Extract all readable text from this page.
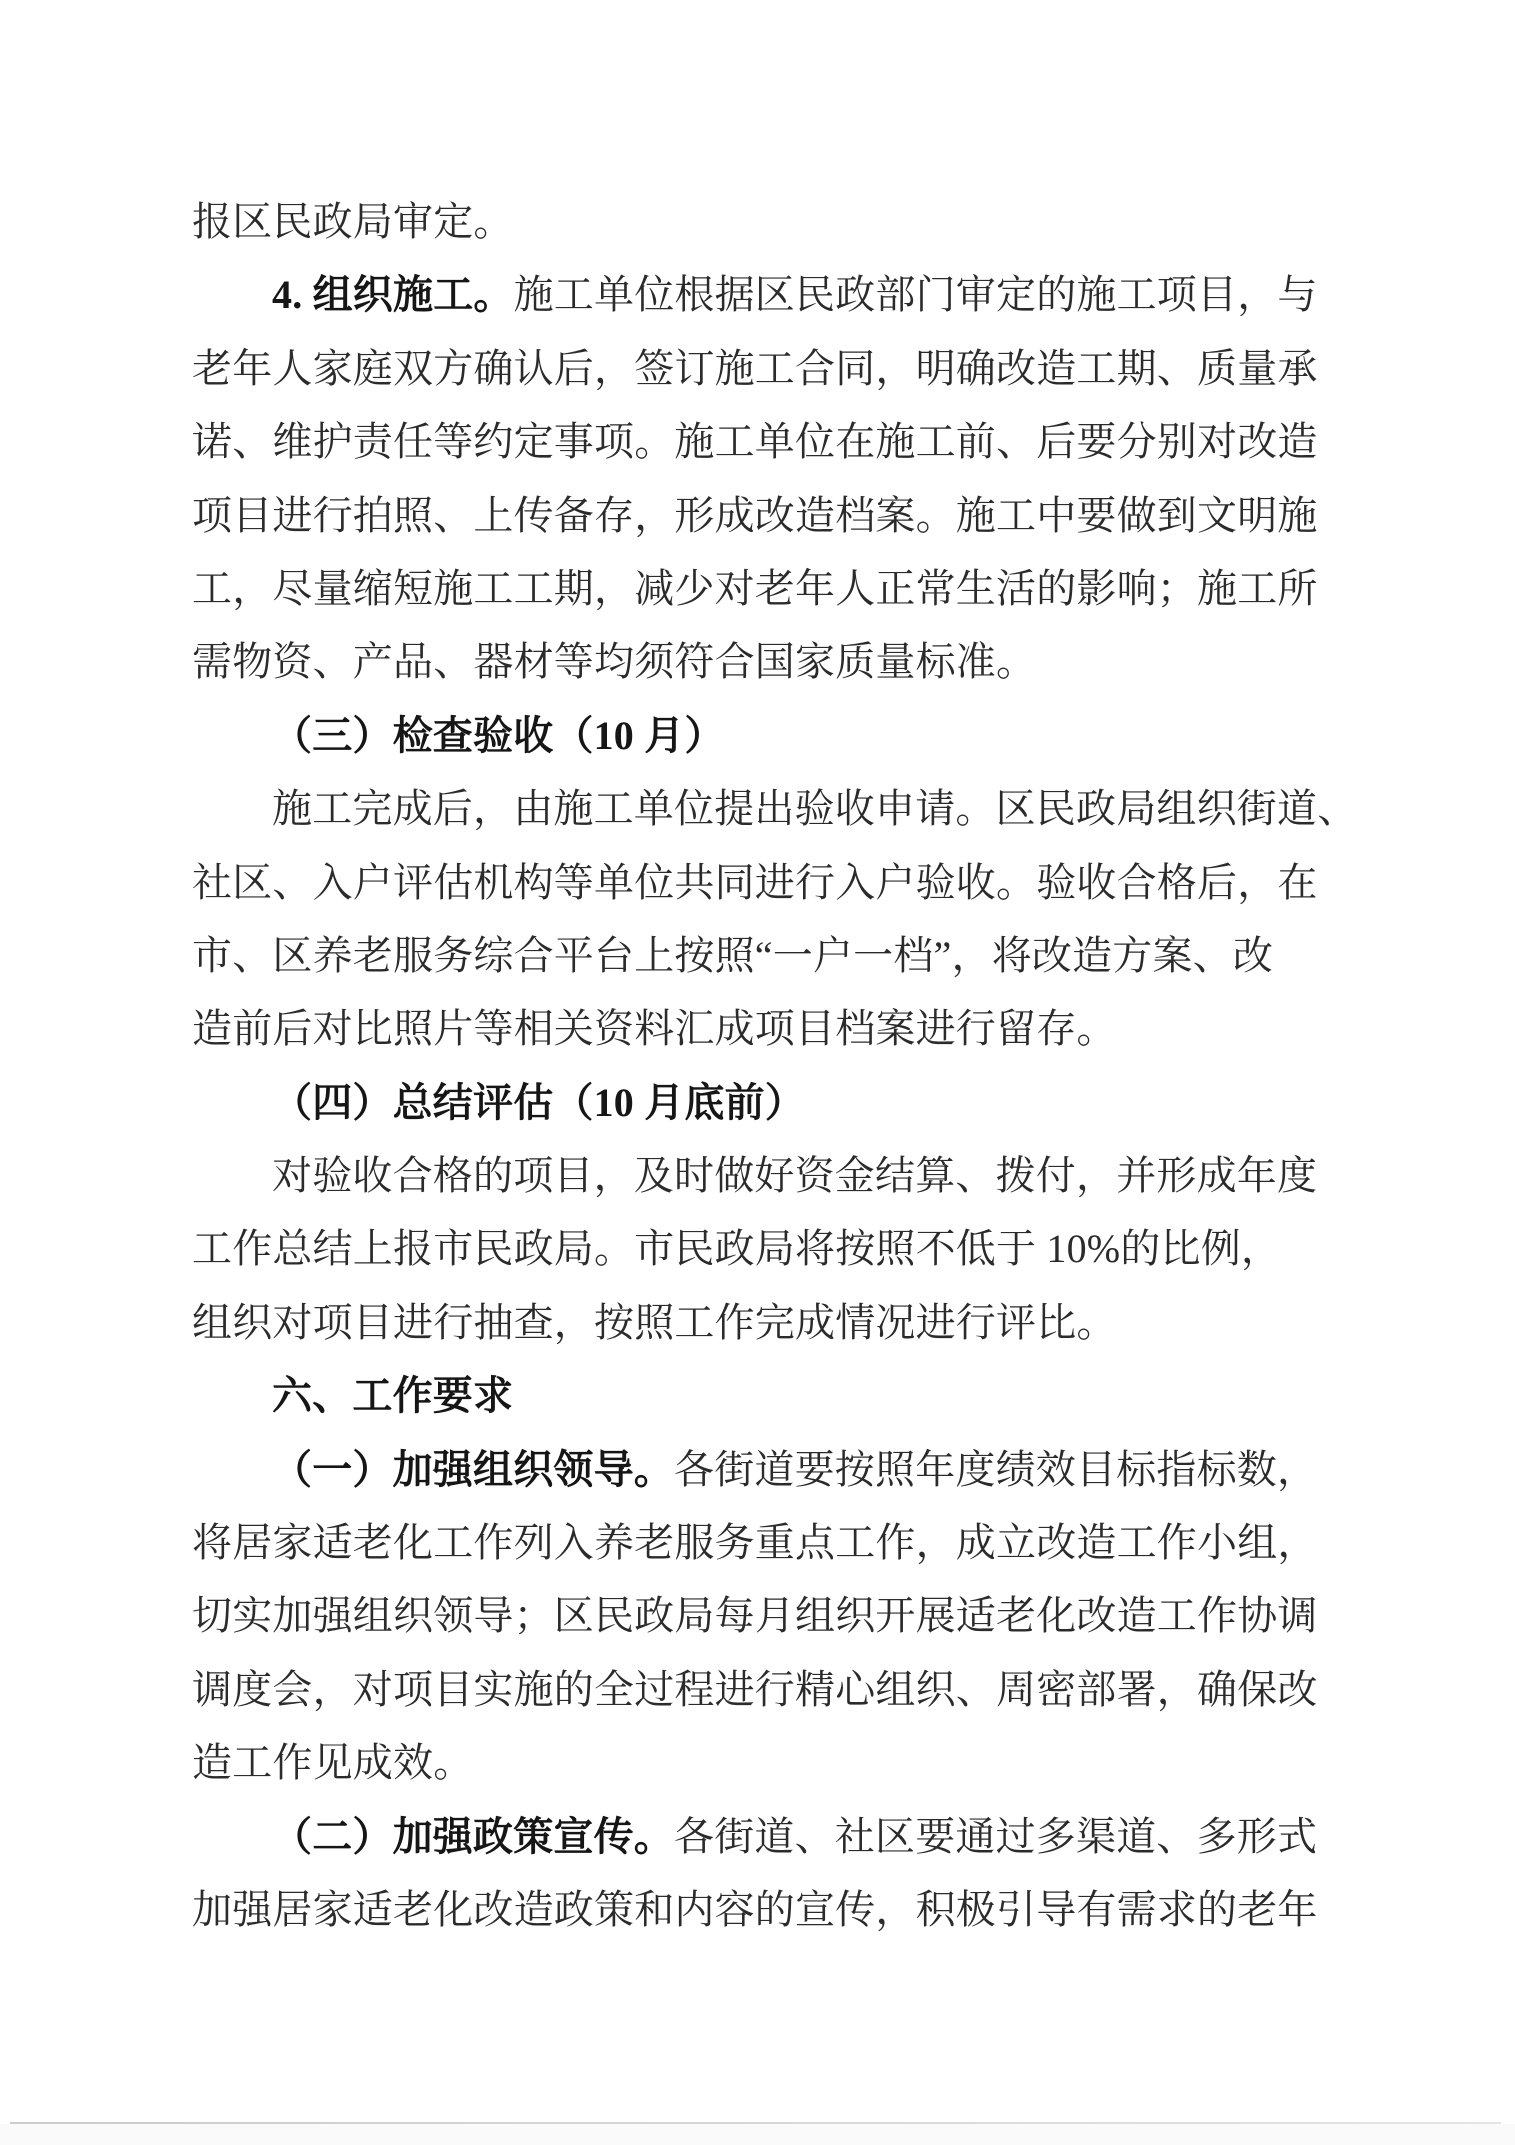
报区民政局审定。
4. 组织施工。施工单位根据区民政部门审定的施工项目，与
老年人家庭双方确认后，签订施工合同，明确改造工期、质量承
诺、维护责任等约定事项。施工单位在施工前、后要分别对改造
项目进行拍照、上传备存，形成改造档案。施工中要做到文明施
工，尽量缩短施工工期，减少对老年人正常生活的影响；施工所
需物资、产品、器材等均须符合国家质量标准。
（三）检查验收（10 月）
施工完成后，由施工单位提出验收申请。区民政局组织街道、
社区、入户评估机构等单位共同进行入户验收。验收合格后，在
市、区养老服务综合平台上按照“一户一档”，将改造方案、改
造前后对比照片等相关资料汇成项目档案进行留存。
（四）总结评估（10 月底前）
对验收合格的项目，及时做好资金结算、拨付，并形成年度
工作总结上报市民政局。市民政局将按照不低于 10%的比例，
组织对项目进行抽查，按照工作完成情况进行评比。
六、工作要求
（一）加强组织领导。各街道要按照年度绩效目标指标数，
将居家适老化工作列入养老服务重点工作，成立改造工作小组，
切实加强组织领导；区民政局每月组织开展适老化改造工作协调
调度会，对项目实施的全过程进行精心组织、周密部署，确保改
造工作见成效。
（二）加强政策宣传。各街道、社区要通过多渠道、多形式
加强居家适老化改造政策和内容的宣传，积极引导有需求的老年
